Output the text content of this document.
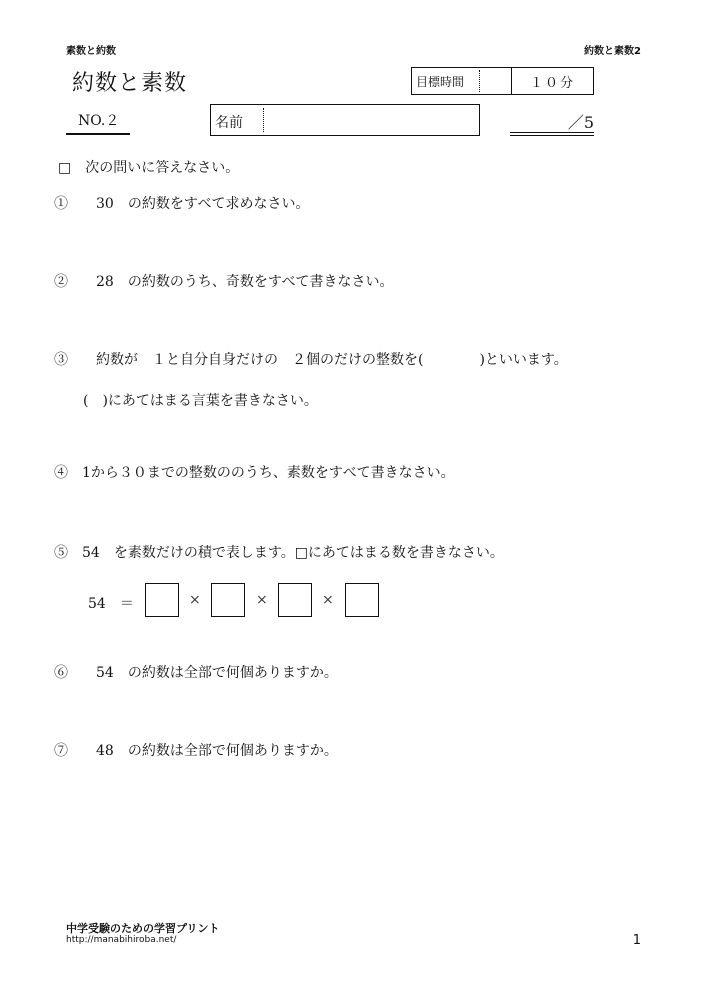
素数と約数	約数と素数2
約数と素数	目標時間	１０分
NO.２	名前	／5
□　次の問いに答えなさい。
①　　30　の約数をすべて求めなさい。
②　　28　の約数のうち、奇数をすべて書きなさい。
③　　約数が　１と自分自身だけの　２個のだけの整数を(　　　　)といいます。
(　)にあてはまる言葉を書きなさい。
④　1から３０までの整数ののうち、素数をすべて書きなさい。
⑤　54　を素数だけの積で表します。□にあてはまる数を書きなさい。
54　＝	×	×	×
⑥　　54　の約数は全部で何個ありますか。
⑦　　48　の約数は全部で何個ありますか。
中学受験のための学習プリント
http://manabihiroba.net/	1
